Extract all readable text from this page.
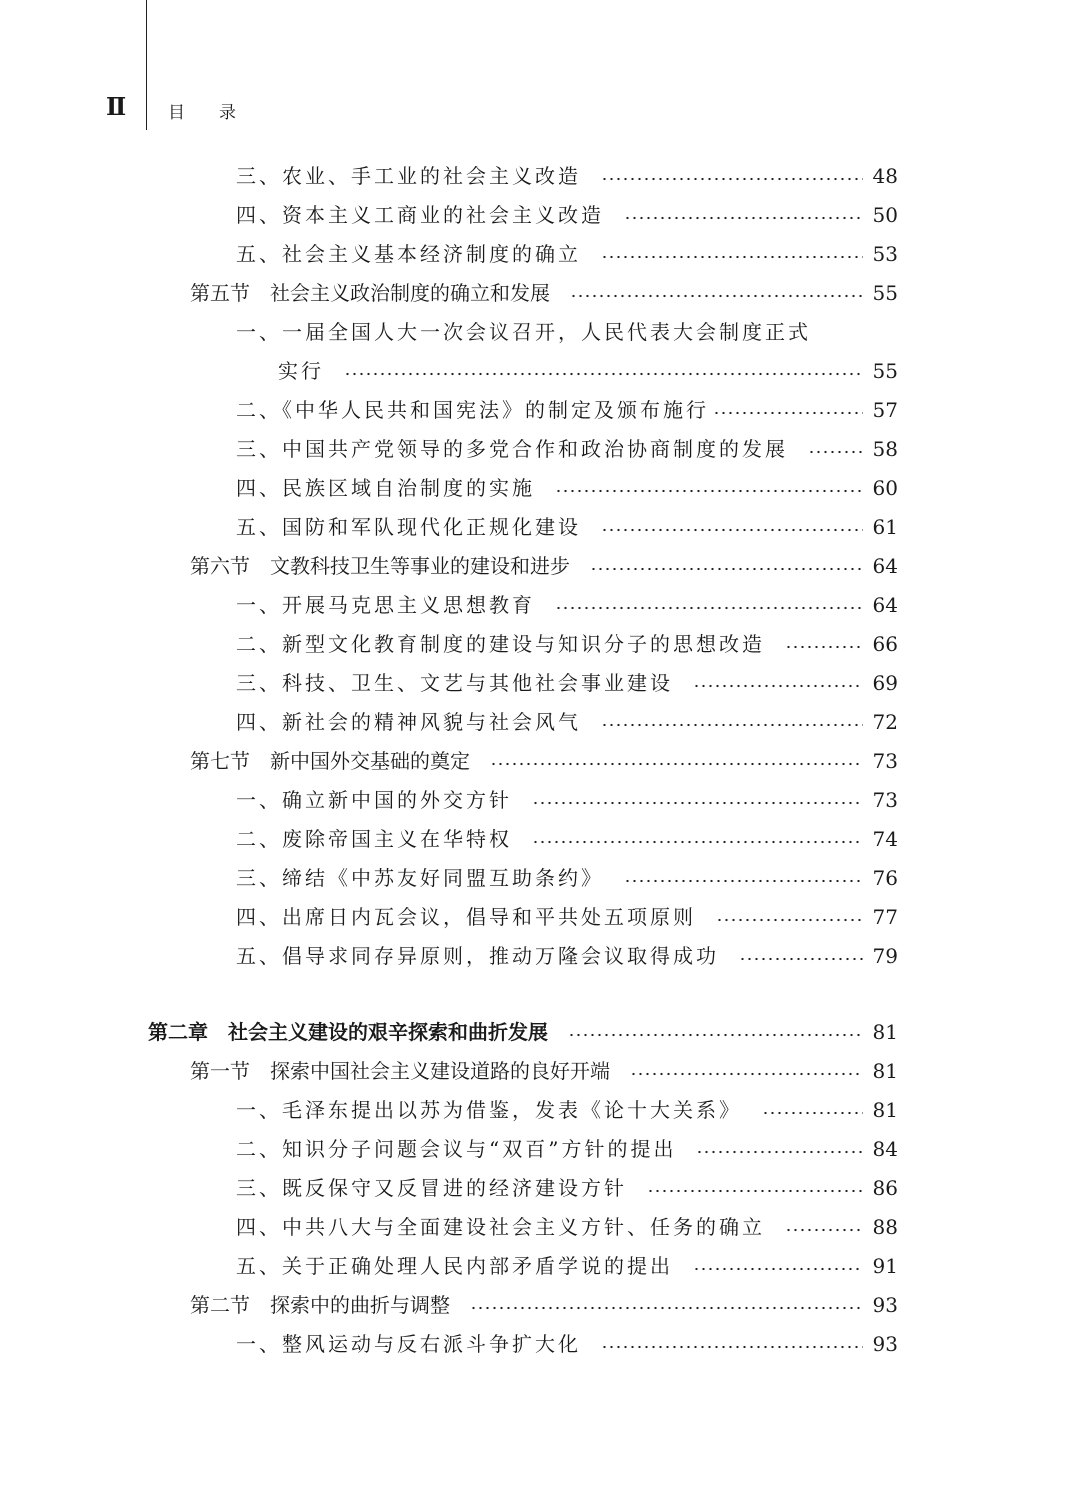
Ⅱ 目录
三、农业、手工业的社会主义改造	48
四、资本主义工商业的社会主义改造	50
五、社会主义基本经济制度的确立	53
第五节　社会主义政治制度的确立和发展	55
一、一届全国人大一次会议召开，人民代表大会制度正式
实行	55
二、《中华人民共和国宪法》的制定及颁布施行	57
三、中国共产党领导的多党合作和政治协商制度的发展	58
四、民族区域自治制度的实施	60
五、国防和军队现代化正规化建设	61
第六节　文教科技卫生等事业的建设和进步	64
一、开展马克思主义思想教育	64
二、新型文化教育制度的建设与知识分子的思想改造	66
三、科技、卫生、文艺与其他社会事业建设	69
四、新社会的精神风貌与社会风气	72
第七节　新中国外交基础的奠定	73
一、确立新中国的外交方针	73
二、废除帝国主义在华特权	74
三、缔结《中苏友好同盟互助条约》	76
四、出席日内瓦会议，倡导和平共处五项原则	77
五、倡导求同存异原则，推动万隆会议取得成功	79
第二章　社会主义建设的艰辛探索和曲折发展	81
第一节　探索中国社会主义建设道路的良好开端	81
一、毛泽东提出以苏为借鉴，发表《论十大关系》	81
二、知识分子问题会议与“双百”方针的提出	84
三、既反保守又反冒进的经济建设方针	86
四、中共八大与全面建设社会主义方针、任务的确立	88
五、关于正确处理人民内部矛盾学说的提出	91
第二节　探索中的曲折与调整	93
一、整风运动与反右派斗争扩大化	93
